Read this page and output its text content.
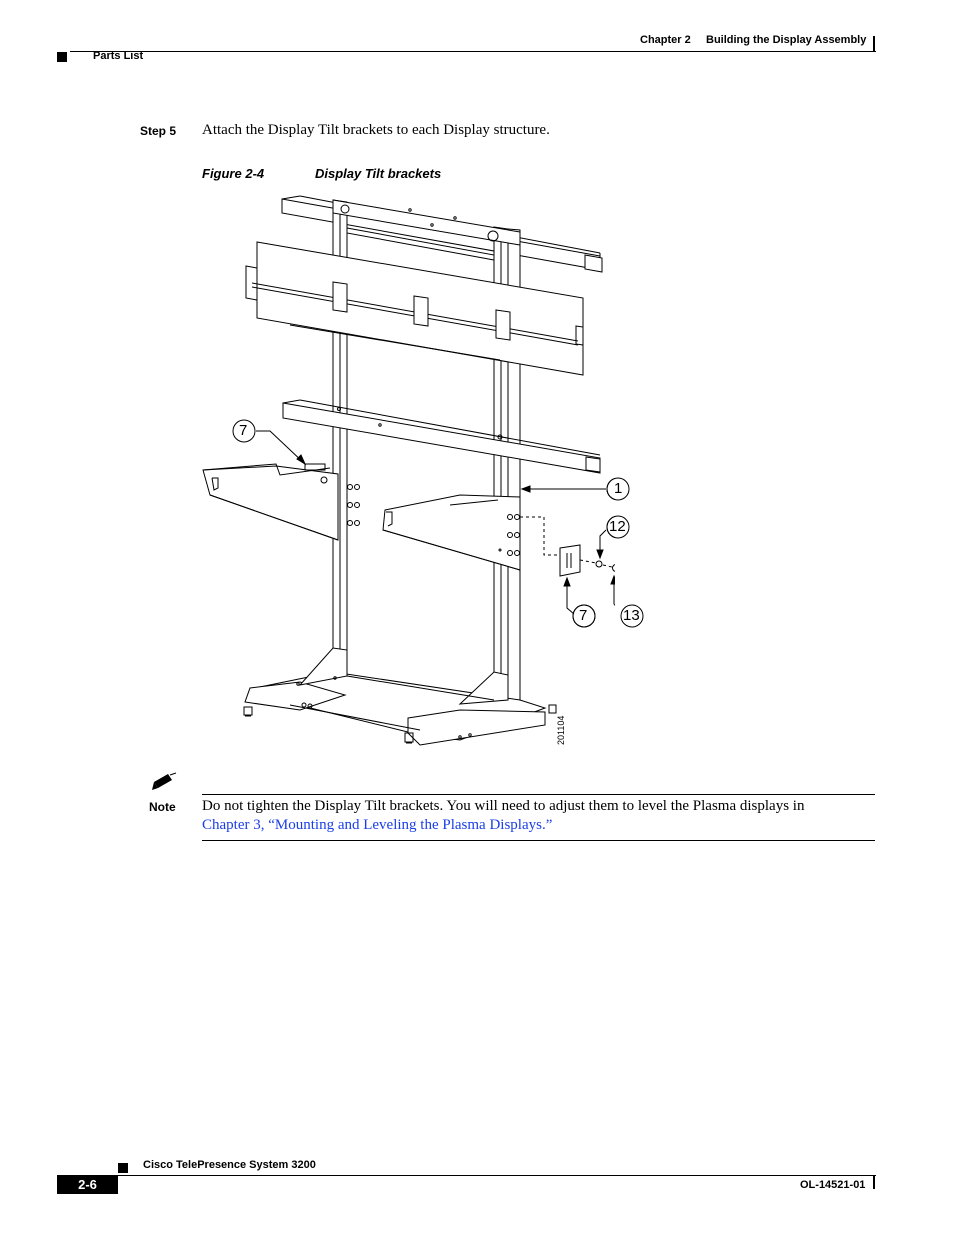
Chapter 2 Building the Display Assembly
Parts List
Step 5 Attach the Display Tilt brackets to each Display structure.
Figure 2-4	Display Tilt brackets
7
1
12
7 13
201104
Note Do not tighten the Display Tilt brackets. You will need to adjust them to level the Plasma displays in
Chapter 3, “Mounting and Leveling the Plasma Displays.”
Cisco TelePresence System 3200
2-6	OL-14521-01
